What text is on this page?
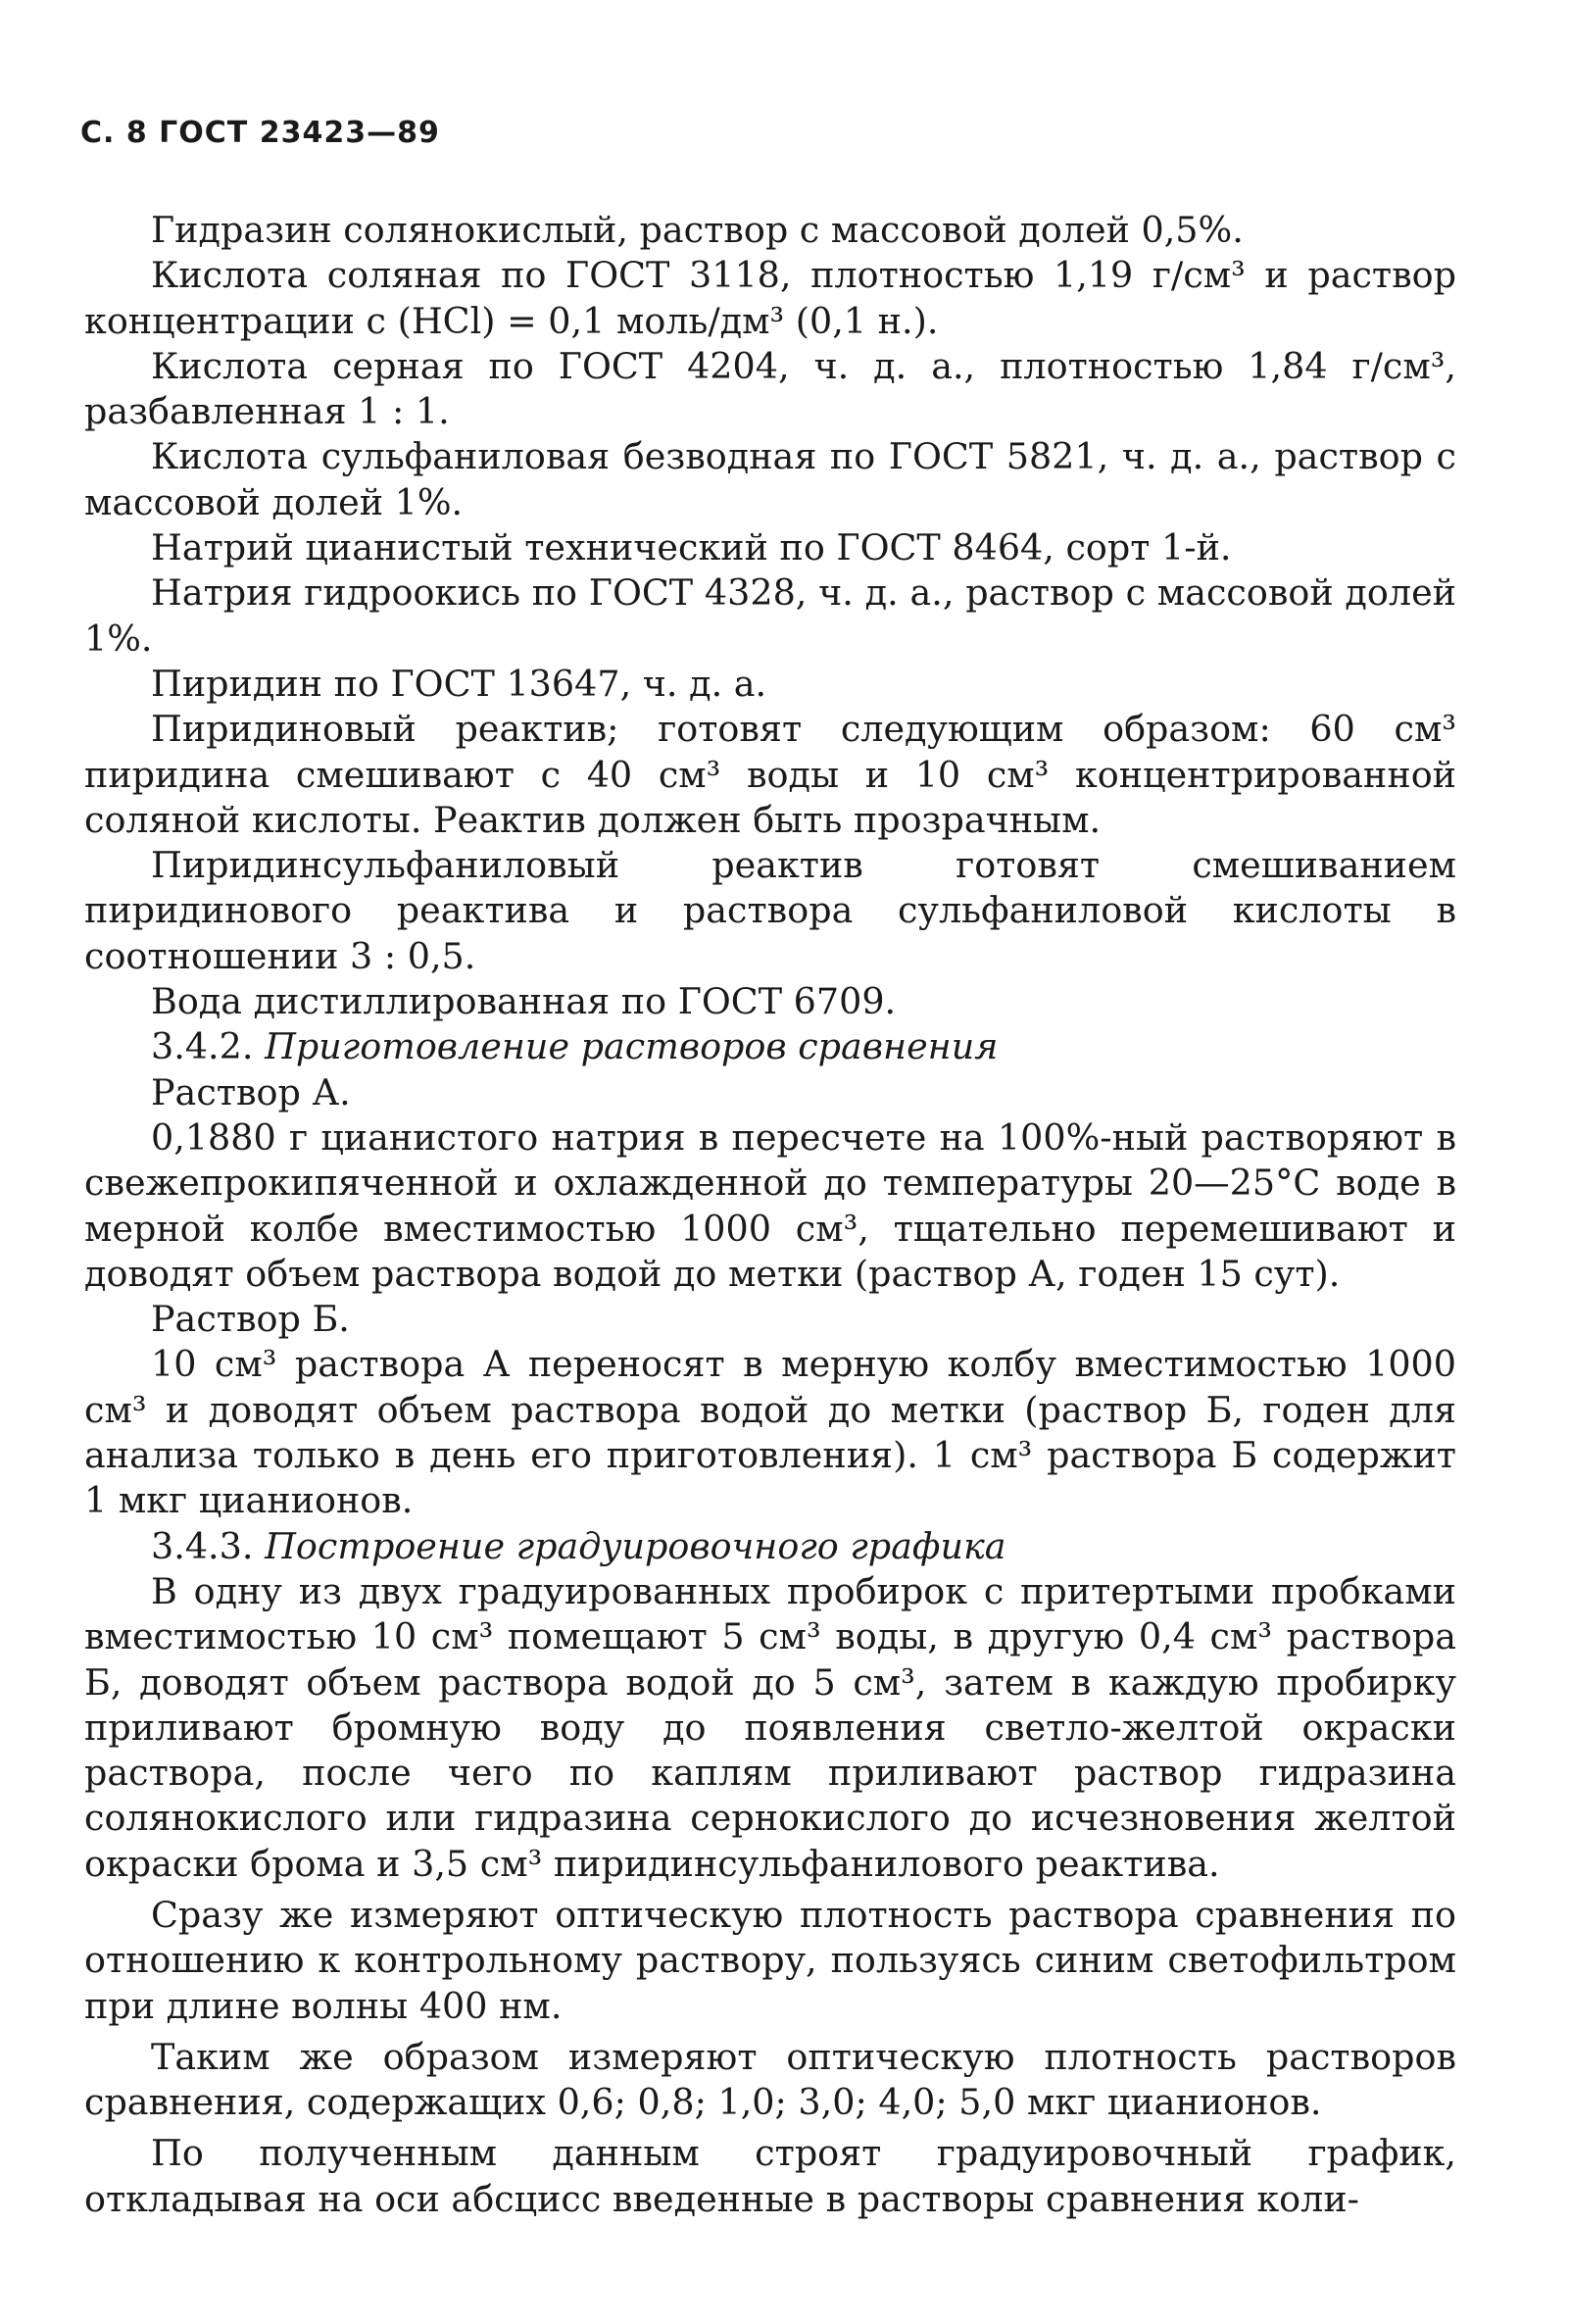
С. 8 ГОСТ 23423—89

Гидразин солянокислый, раствор с массовой долей 0,5%.

Кислота соляная по ГОСТ 3118, плотностью 1,19 г/см³ и раствор концентрации c (HCl) = 0,1 моль/дм³ (0,1 н.).

Кислота серная по ГОСТ 4204, ч. д. а., плотностью 1,84 г/см³, разбавленная 1 : 1.

Кислота сульфаниловая безводная по ГОСТ 5821, ч. д. а., раствор с массовой долей 1%.

Натрий цианистый технический по ГОСТ 8464, сорт 1-й.

Натрия гидроокись по ГОСТ 4328, ч. д. а., раствор с массовой долей 1%.

Пиридин по ГОСТ 13647, ч. д. а.

Пиридиновый реактив; готовят следующим образом: 60 см³ пиридина смешивают с 40 см³ воды и 10 см³ концентрированной соляной кислоты. Реактив должен быть прозрачным.

Пиридинсульфаниловый реактив готовят смешиванием пиридинового реактива и раствора сульфаниловой кислоты в соотношении 3 : 0,5.

Вода дистиллированная по ГОСТ 6709.

3.4.2. Приготовление растворов сравнения

Раствор А.

0,1880 г цианистого натрия в пересчете на 100%-ный растворяют в свежепрокипяченной и охлажденной до температуры 20—25°С воде в мерной колбе вместимостью 1000 см³, тщательно перемешивают и доводят объем раствора водой до метки (раствор А, годен 15 сут).

Раствор Б.

10 см³ раствора А переносят в мерную колбу вместимостью 1000 см³ и доводят объем раствора водой до метки (раствор Б, годен для анализа только в день его приготовления). 1 см³ раствора Б содержит 1 мкг цианионов.

3.4.3. Построение градуировочного графика

В одну из двух градуированных пробирок с притертыми пробками вместимостью 10 см³ помещают 5 см³ воды, в другую 0,4 см³ раствора Б, доводят объем раствора водой до 5 см³, затем в каждую пробирку приливают бромную воду до появления светло-желтой окраски раствора, после чего по каплям приливают раствор гидразина солянокислого или гидразина сернокислого до исчезновения желтой окраски брома и 3,5 см³ пиридинсульфанилового реактива.

Сразу же измеряют оптическую плотность раствора сравнения по отношению к контрольному раствору, пользуясь синим светофильтром при длине волны 400 нм.

Таким же образом измеряют оптическую плотность растворов сравнения, содержащих 0,6; 0,8; 1,0; 3,0; 4,0; 5,0 мкг цианионов.

По полученным данным строят градуировочный график, откладывая на оси абсцисс введенные в растворы сравнения коли-
